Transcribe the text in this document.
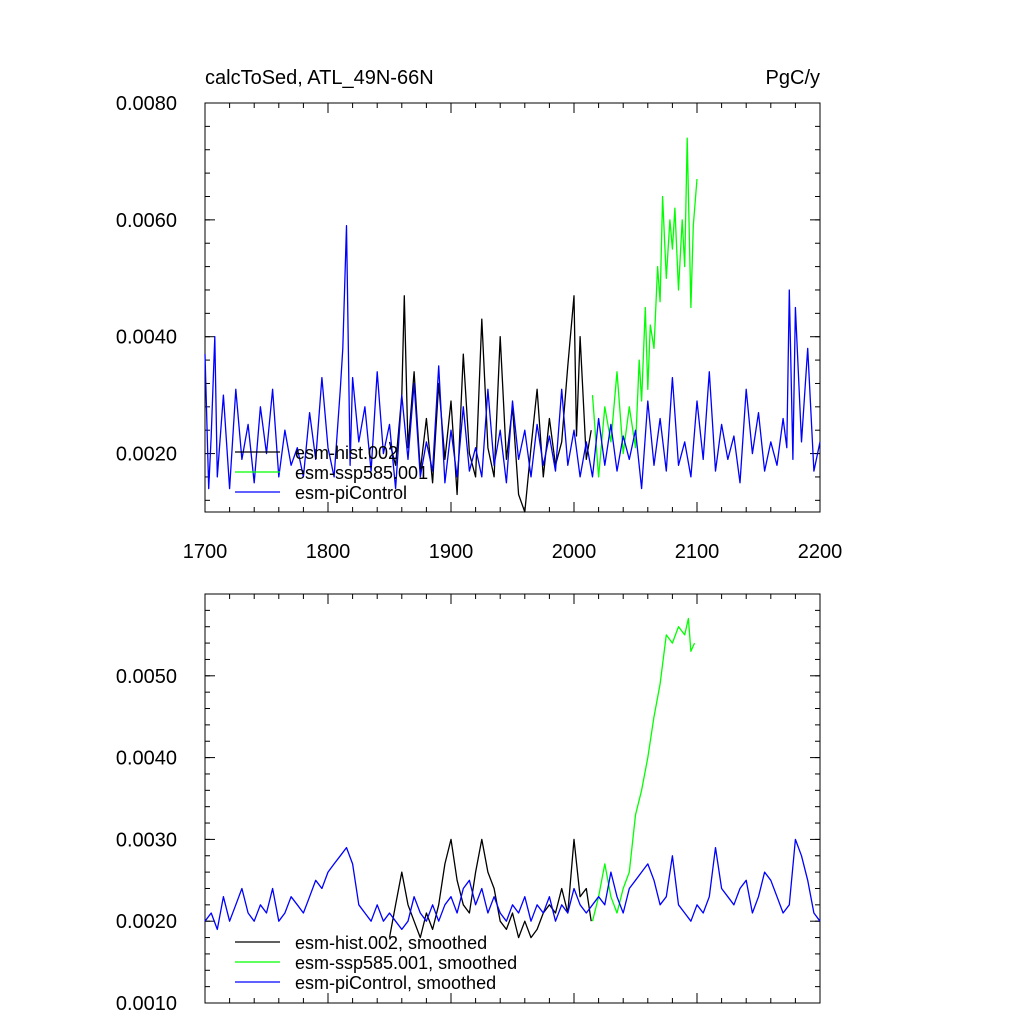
calcToSed, ATL_49N-66N	PgC/y
1700	1800	1900	2000	2100	2200
0.0020
0.0040
0.0060
0.0080
esm-hist.002
esm-ssp585.001
esm-piControl
0.0010
0.0020
0.0030
0.0040
0.0050
esm-hist.002, smoothed
esm-ssp585.001, smoothed
esm-piControl, smoothed
